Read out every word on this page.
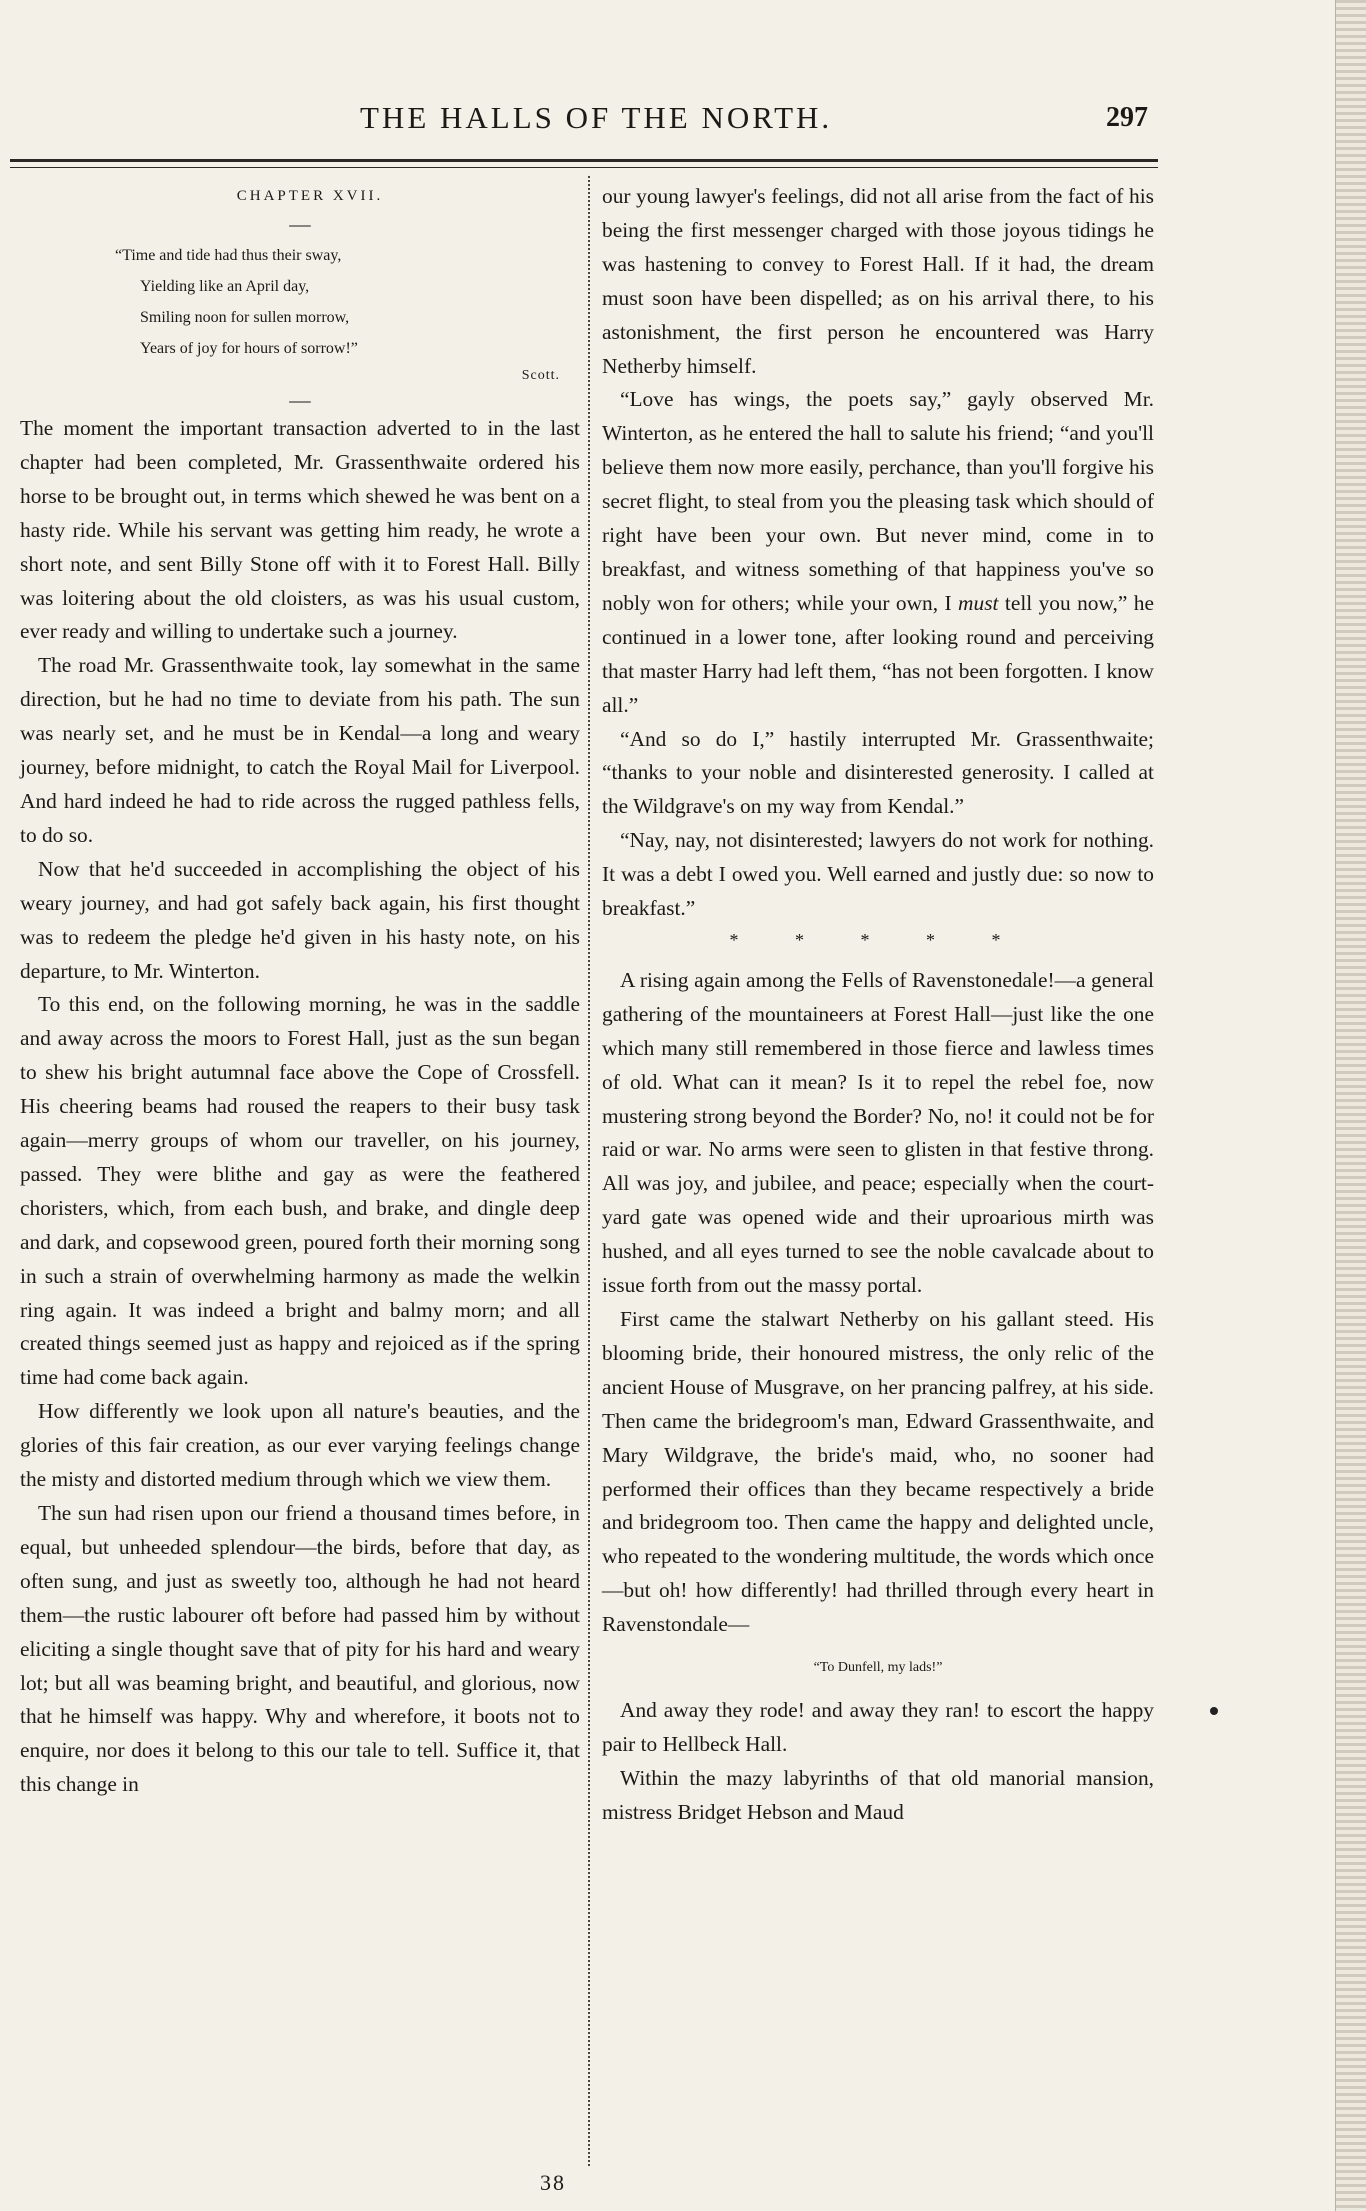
THE HALLS OF THE NORTH.	297
CHAPTER XVII.
—
“Time and tide had thus their sway,
Yielding like an April day,
Smiling noon for sullen morrow,
Years of joy for hours of sorrow!”
Scott.
—

The moment the important transaction adverted to in the last chapter had been completed, Mr. Grassenthwaite ordered his horse to be brought out, in terms which shewed he was bent on a hasty ride. While his servant was getting him ready, he wrote a short note, and sent Billy Stone off with it to Forest Hall. Billy was loitering about the old cloisters, as was his usual custom, ever ready and willing to undertake such a journey.

The road Mr. Grassenthwaite took, lay somewhat in the same direction, but he had no time to deviate from his path. The sun was nearly set, and he must be in Kendal—a long and weary journey, before midnight, to catch the Royal Mail for Liverpool. And hard indeed he had to ride across the rugged pathless fells, to do so.

Now that he'd succeeded in accomplishing the object of his weary journey, and had got safely back again, his first thought was to redeem the pledge he'd given in his hasty note, on his departure, to Mr. Winterton.

To this end, on the following morning, he was in the saddle and away across the moors to Forest Hall, just as the sun began to shew his bright autumnal face above the Cope of Crossfell. His cheering beams had roused the reapers to their busy task again—merry groups of whom our traveller, on his journey, passed. They were blithe and gay as were the feathered choristers, which, from each bush, and brake, and dingle deep and dark, and copsewood green, poured forth their morning song in such a strain of overwhelming harmony as made the welkin ring again. It was indeed a bright and balmy morn; and all created things seemed just as happy and rejoiced as if the spring time had come back again.

How differently we look upon all nature's beauties, and the glories of this fair creation, as our ever varying feelings change the misty and distorted medium through which we view them.

The sun had risen upon our friend a thousand times before, in equal, but unheeded splendour—the birds, before that day, as often sung, and just as sweetly too, although he had not heard them—the rustic labourer oft before had passed him by without eliciting a single thought save that of pity for his hard and weary lot; but all was beaming bright, and beautiful, and glorious, now that he himself was happy. Why and wherefore, it boots not to enquire, nor does it belong to this our tale to tell. Suffice it, that this change in

our young lawyer's feelings, did not all arise from the fact of his being the first messenger charged with those joyous tidings he was hastening to convey to Forest Hall. If it had, the dream must soon have been dispelled; as on his arrival there, to his astonishment, the first person he encountered was Harry Netherby himself.

“Love has wings, the poets say,” gayly observed Mr. Winterton, as he entered the hall to salute his friend; “and you'll believe them now more easily, perchance, than you'll forgive his secret flight, to steal from you the pleasing task which should of right have been your own. But never mind, come in to breakfast, and witness something of that happiness you've so nobly won for others; while your own, I must tell you now,” he continued in a lower tone, after looking round and perceiving that master Harry had left them, “has not been forgotten. I know all.”

“And so do I,” hastily interrupted Mr. Grassenthwaite; “thanks to your noble and disinterested generosity. I called at the Wildgrave's on my way from Kendal.”

“Nay, nay, not disinterested; lawyers do not work for nothing. It was a debt I owed you. Well earned and justly due: so now to breakfast.”

* * * * *

A rising again among the Fells of Ravenstonedale!—a general gathering of the mountaineers at Forest Hall—just like the one which many still remembered in those fierce and lawless times of old. What can it mean? Is it to repel the rebel foe, now mustering strong beyond the Border? No, no! it could not be for raid or war. No arms were seen to glisten in that festive throng. All was joy, and jubilee, and peace; especially when the court-yard gate was opened wide and their uproarious mirth was hushed, and all eyes turned to see the noble cavalcade about to issue forth from out the massy portal.

First came the stalwart Netherby on his gallant steed. His blooming bride, their honoured mistress, the only relic of the ancient House of Musgrave, on her prancing palfrey, at his side. Then came the bridegroom's man, Edward Grassenthwaite, and Mary Wildgrave, the bride's maid, who, no sooner had performed their offices than they became respectively a bride and bridegroom too. Then came the happy and delighted uncle, who repeated to the wondering multitude, the words which once—but oh! how differently! had thrilled through every heart in Ravenstondale—

“To Dunfell, my lads!”

And away they rode! and away they ran! to escort the happy pair to Hellbeck Hall.

Within the mazy labyrinths of that old manorial mansion, mistress Bridget Hebson and Maud

38
